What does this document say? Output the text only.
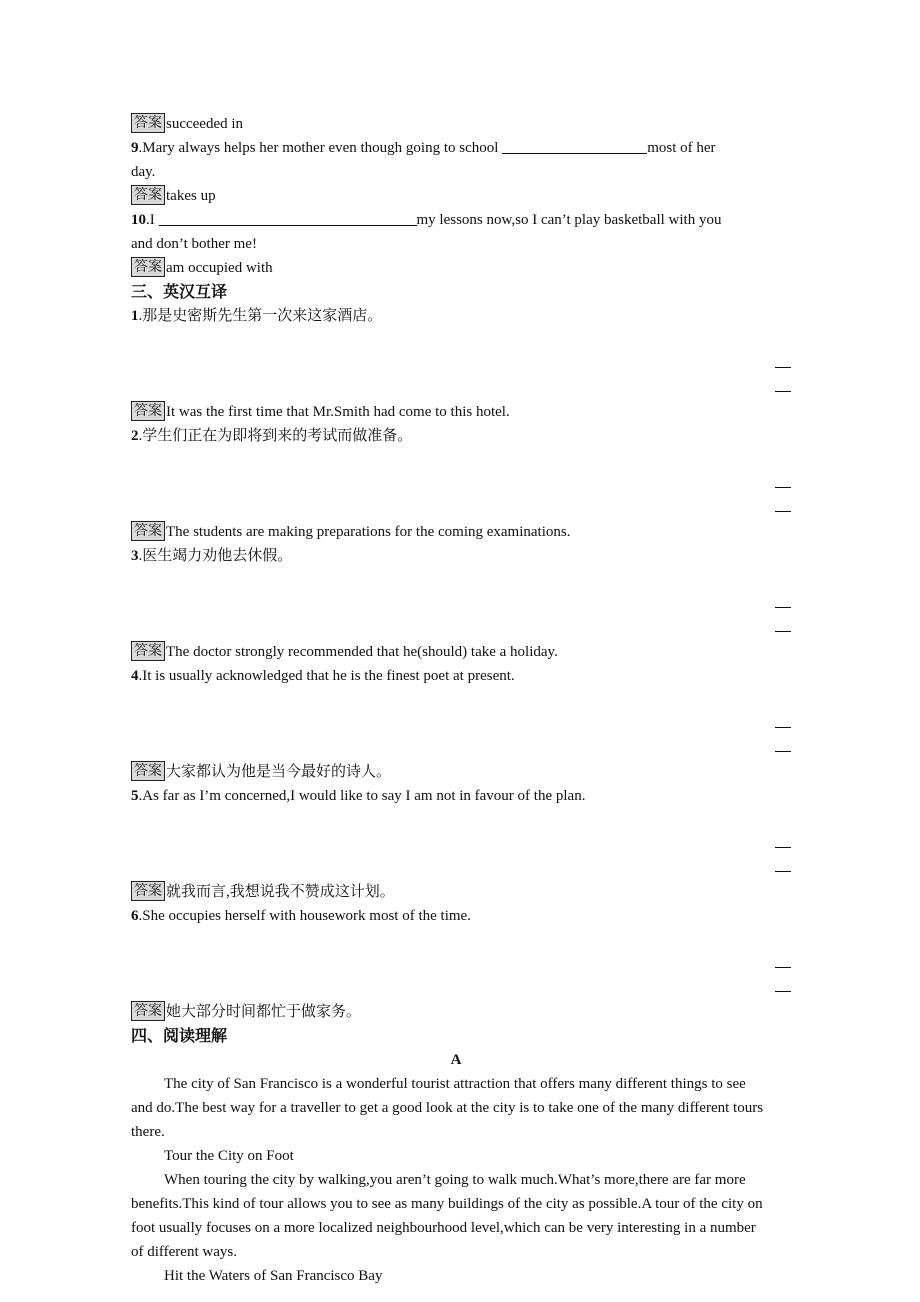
答案 succeeded in
9.Mary always helps her mother even though going to school	most of her
day.
答案 takes up
10.I	my lessons now,so I can’t play basketball with you
and don’t bother me!
答案 am occupied with
三、英汉互译
1.那是史密斯先生第一次来这家酒店。
答案 It was the first time that Mr.Smith had come to this hotel.
2.学生们正在为即将到来的考试而做准备。
答案 The students are making preparations for the coming examinations.
3.医生竭力劝他去休假。
答案 The doctor strongly recommended that he(should) take a holiday.
4.It is usually acknowledged that he is the finest poet at present.
答案 大家都认为他是当今最好的诗人。
5.As far as I’m concerned,I would like to say I am not in favour of the plan.
答案 就我而言,我想说我不赞成这计划。
6.She occupies herself with housework most of the time.
答案 她大部分时间都忙于做家务。
四、阅读理解
A
The city of San Francisco is a wonderful tourist attraction that offers many different things to see and do.The best way for a traveller to get a good look at the city is to take one of the many different tours there.
Tour the City on Foot
When touring the city by walking,you aren’t going to walk much.What’s more,there are far more benefits.This kind of tour allows you to see as many buildings of the city as possible.A tour of the city on foot usually focuses on a more localized neighbourhood level,which can be very interesting in a number of different ways.
Hit the Waters of San Francisco Bay
